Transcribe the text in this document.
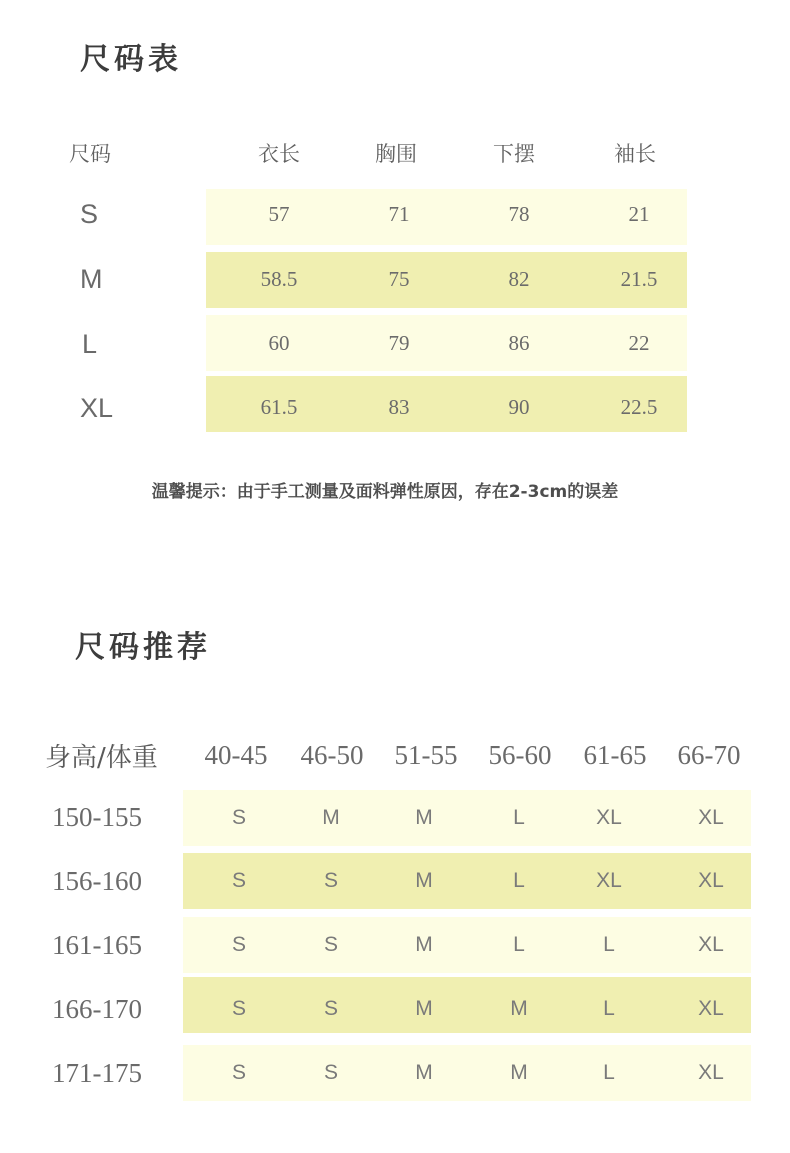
尺码表
尺码	衣长	胸围	下摆	袖长
S	57	71	78	21
M	58.5	75	82	21.5
L	60	79	86	22
XL	61.5	83	90	22.5
温馨提示：由于手工测量及面料弹性原因，存在2-3cm的误差
尺码推荐
身高/体重	40-45	46-50	51-55	56-60	61-65	66-70
150-155	S	M	M	L	XL	XL
156-160	S	S	M	L	XL	XL
161-165	S	S	M	L	L	XL
166-170	S	S	M	M	L	XL
171-175	S	S	M	M	L	XL
